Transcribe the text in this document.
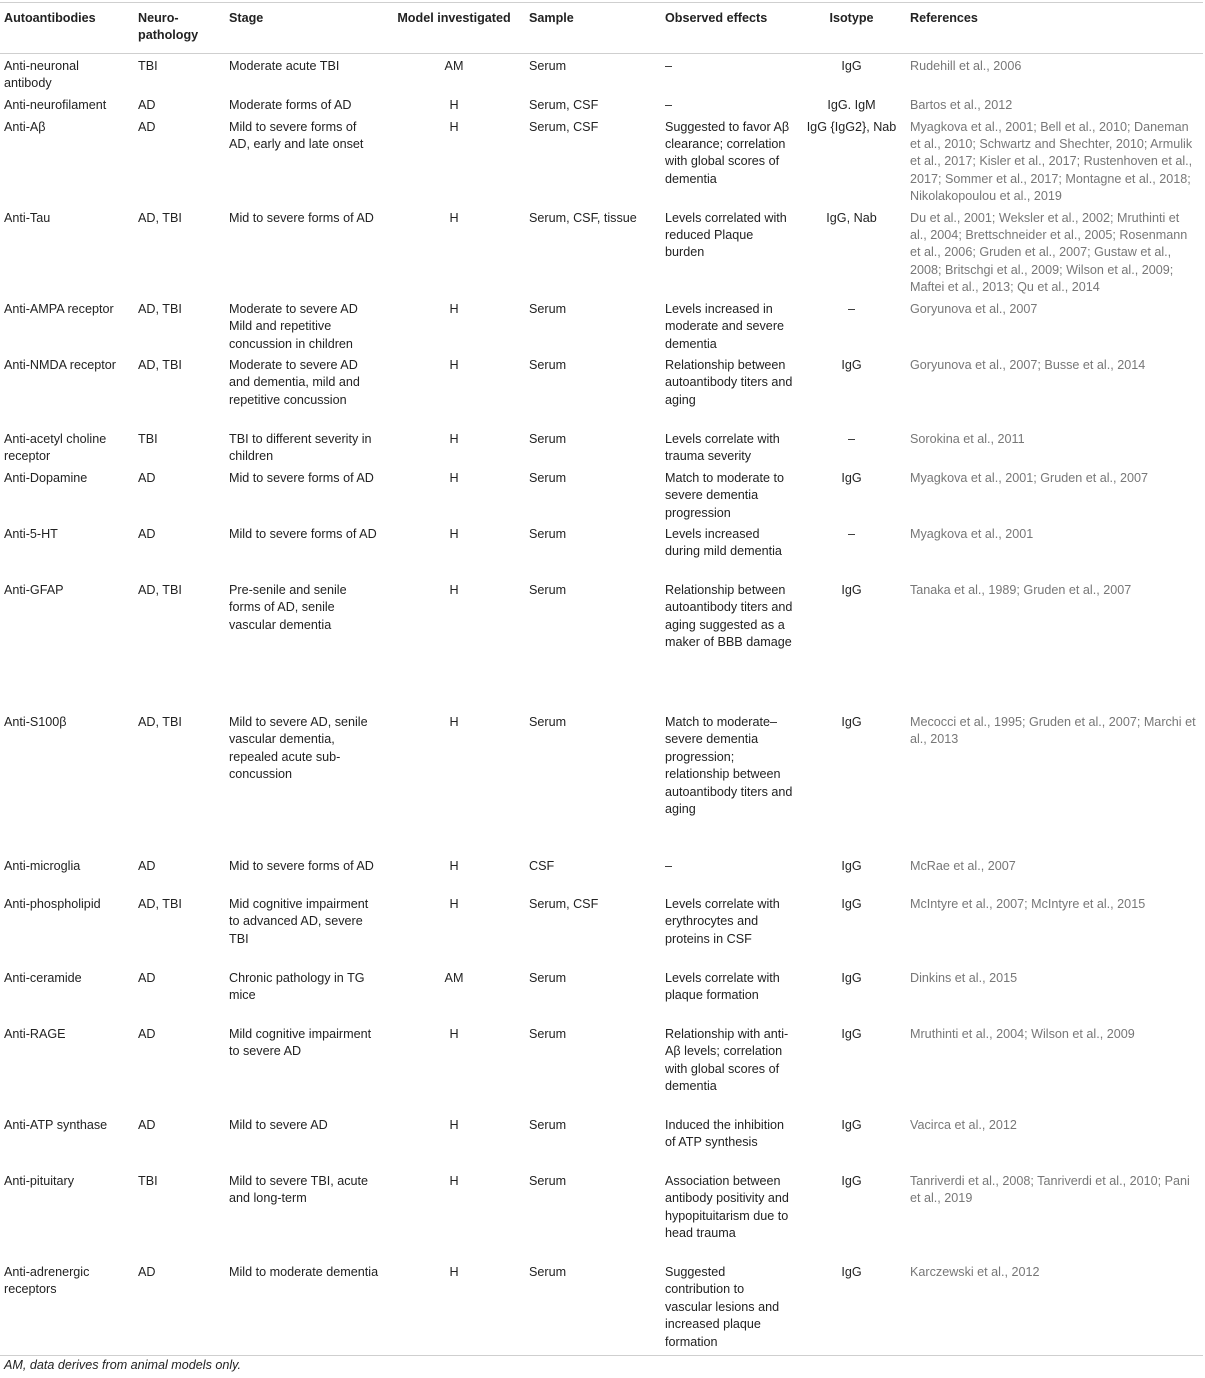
Autoantibodies	Neuro-pathology	Stage	Model investigated	Sample	Observed effects	Isotype	References
Anti-neuronal antibody	TBI	Moderate acute TBI	AM	Serum	–	IgG	Rudehill et al., 2006
Anti-neurofilament	AD	Moderate forms of AD	H	Serum, CSF	–	IgG. IgM	Bartos et al., 2012
Anti-Aβ	AD	Mild to severe forms of AD, early and late onset	H	Serum, CSF	Suggested to favor Aβ clearance; correlation with global scores of dementia	IgG {IgG2}, Nab	Myagkova et al., 2001; Bell et al., 2010; Daneman et al., 2010; Schwartz and Shechter, 2010; Armulik et al., 2017; Kisler et al., 2017; Rustenhoven et al., 2017; Sommer et al., 2017; Montagne et al., 2018; Nikolakopoulou et al., 2019
Anti-Tau	AD, TBI	Mid to severe forms of AD	H	Serum, CSF, tissue	Levels correlated with reduced Plaque burden	IgG, Nab	Du et al., 2001; Weksler et al., 2002; Mruthinti et al., 2004; Brettschneider et al., 2005; Rosenmann et al., 2006; Gruden et al., 2007; Gustaw et al., 2008; Britschgi et al., 2009; Wilson et al., 2009; Maftei et al., 2013; Qu et al., 2014
Anti-AMPA receptor	AD, TBI	Moderate to severe AD Mild and repetitive concussion in children	H	Serum	Levels increased in moderate and severe dementia	–	Goryunova et al., 2007
Anti-NMDA receptor	AD, TBI	Moderate to severe AD and dementia, mild and repetitive concussion	H	Serum	Relationship between autoantibody titers and aging	IgG	Goryunova et al., 2007; Busse et al., 2014
Anti-acetyl choline receptor	TBI	TBI to different severity in children	H	Serum	Levels correlate with trauma severity	–	Sorokina et al., 2011
Anti-Dopamine	AD	Mid to severe forms of AD	H	Serum	Match to moderate to severe dementia progression	IgG	Myagkova et al., 2001; Gruden et al., 2007
Anti-5-HT	AD	Mild to severe forms of AD	H	Serum	Levels increased during mild dementia	–	Myagkova et al., 2001
Anti-GFAP	AD, TBI	Pre-senile and senile forms of AD, senile vascular dementia	H	Serum	Relationship between autoantibody titers and aging suggested as a maker of BBB damage	IgG	Tanaka et al., 1989; Gruden et al., 2007
Anti-S100β	AD, TBI	Mild to severe AD, senile vascular dementia, repealed acute sub-concussion	H	Serum	Match to moderate–severe dementia progression; relationship between autoantibody titers and aging	IgG	Mecocci et al., 1995; Gruden et al., 2007; Marchi et al., 2013
Anti-microglia	AD	Mid to severe forms of AD	H	CSF	–	IgG	McRae et al., 2007
Anti-phospholipid	AD, TBI	Mid cognitive impairment to advanced AD, severe TBI	H	Serum, CSF	Levels correlate with erythrocytes and proteins in CSF	IgG	McIntyre et al., 2007; McIntyre et al., 2015
Anti-ceramide	AD	Chronic pathology in TG mice	AM	Serum	Levels correlate with plaque formation	IgG	Dinkins et al., 2015
Anti-RAGE	AD	Mild cognitive impairment to severe AD	H	Serum	Relationship with anti-Aβ levels; correlation with global scores of dementia	IgG	Mruthinti et al., 2004; Wilson et al., 2009
Anti-ATP synthase	AD	Mild to severe AD	H	Serum	Induced the inhibition of ATP synthesis	IgG	Vacirca et al., 2012
Anti-pituitary	TBI	Mild to severe TBI, acute and long-term	H	Serum	Association between antibody positivity and hypopituitarism due to head trauma	IgG	Tanriverdi et al., 2008; Tanriverdi et al., 2010; Pani et al., 2019
Anti-adrenergic receptors	AD	Mild to moderate dementia	H	Serum	Suggested contribution to vascular lesions and increased plaque formation	IgG	Karczewski et al., 2012
AM, data derives from animal models only.
